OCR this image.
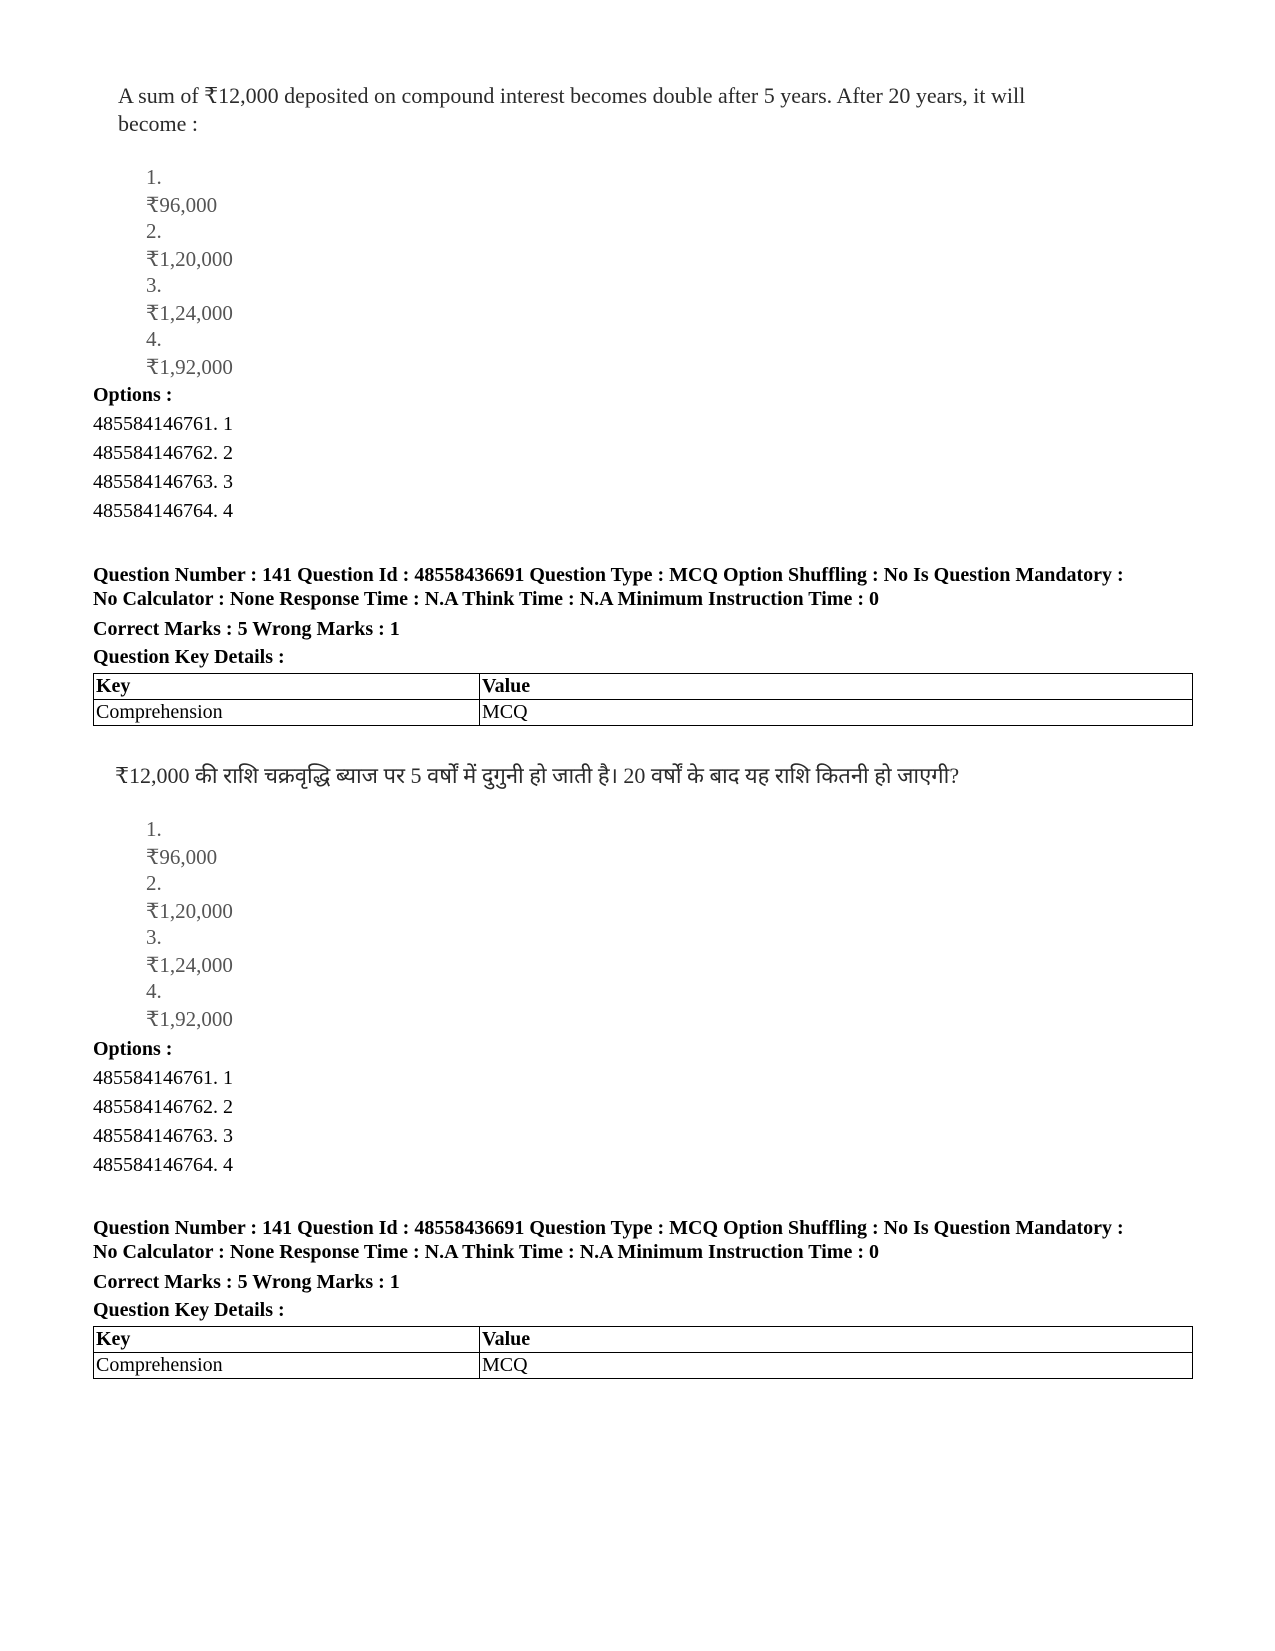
A sum of ₹12,000 deposited on compound interest becomes double after 5 years. After 20 years, it will
become :
1. ₹96,000
2. ₹1,20,000
3. ₹1,24,000
4. ₹1,92,000
Options :
485584146761. 1
485584146762. 2
485584146763. 3
485584146764. 4
Question Number : 141 Question Id : 48558436691 Question Type : MCQ Option Shuffling : No Is Question Mandatory :
No Calculator : None Response Time : N.A Think Time : N.A Minimum Instruction Time : 0
Correct Marks : 5 Wrong Marks : 1
Question Key Details :
Key	Value
Comprehension	MCQ
₹12,000 की राशि चक्रवृद्धि ब्याज पर 5 वर्षों में दुगुनी हो जाती है। 20 वर्षों के बाद यह राशि कितनी हो जाएगी?
1. ₹96,000
2. ₹1,20,000
3. ₹1,24,000
4. ₹1,92,000
Options :
485584146761. 1
485584146762. 2
485584146763. 3
485584146764. 4
Question Number : 141 Question Id : 48558436691 Question Type : MCQ Option Shuffling : No Is Question Mandatory :
No Calculator : None Response Time : N.A Think Time : N.A Minimum Instruction Time : 0
Correct Marks : 5 Wrong Marks : 1
Question Key Details :
Key	Value
Comprehension	MCQ
